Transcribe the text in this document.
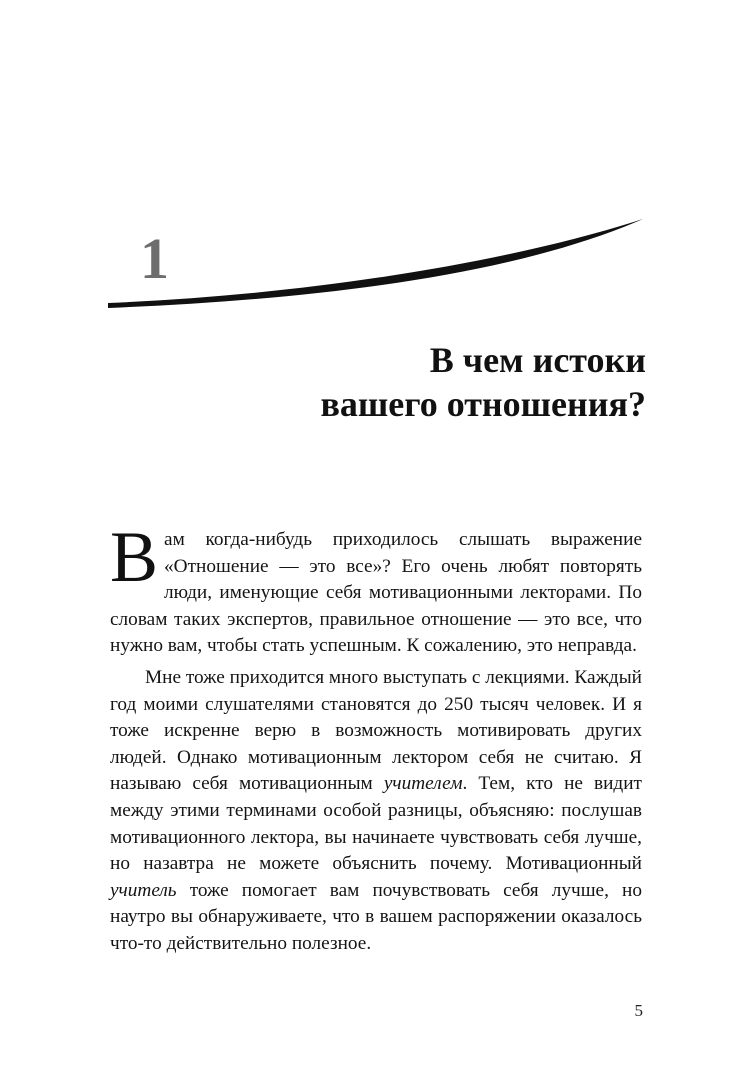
1
В чем истоки
вашего отношения?

Вам когда-нибудь приходилось слышать выражение «Отношение — это все»? Его очень любят повторять люди, именующие себя мотивационными лекторами. По словам таких экспертов, правильное отношение — это все, что нужно вам, чтобы стать успешным. К сожалению, это неправда.

Мне тоже приходится много выступать с лекциями. Каждый год моими слушателями становятся до 250 тысяч человек. И я тоже искренне верю в возможность мотивировать других людей. Однако мотивационным лектором себя не считаю. Я называю себя мотивационным учителем. Тем, кто не видит между этими терминами особой разницы, объясняю: послушав мотивационного лектора, вы начинаете чувствовать себя лучше, но назавтра не можете объяснить почему. Мотивационный учитель тоже помогает вам почувствовать себя лучше, но наутро вы обнаруживаете, что в вашем распоряжении оказалось что-то действительно полезное.

5
